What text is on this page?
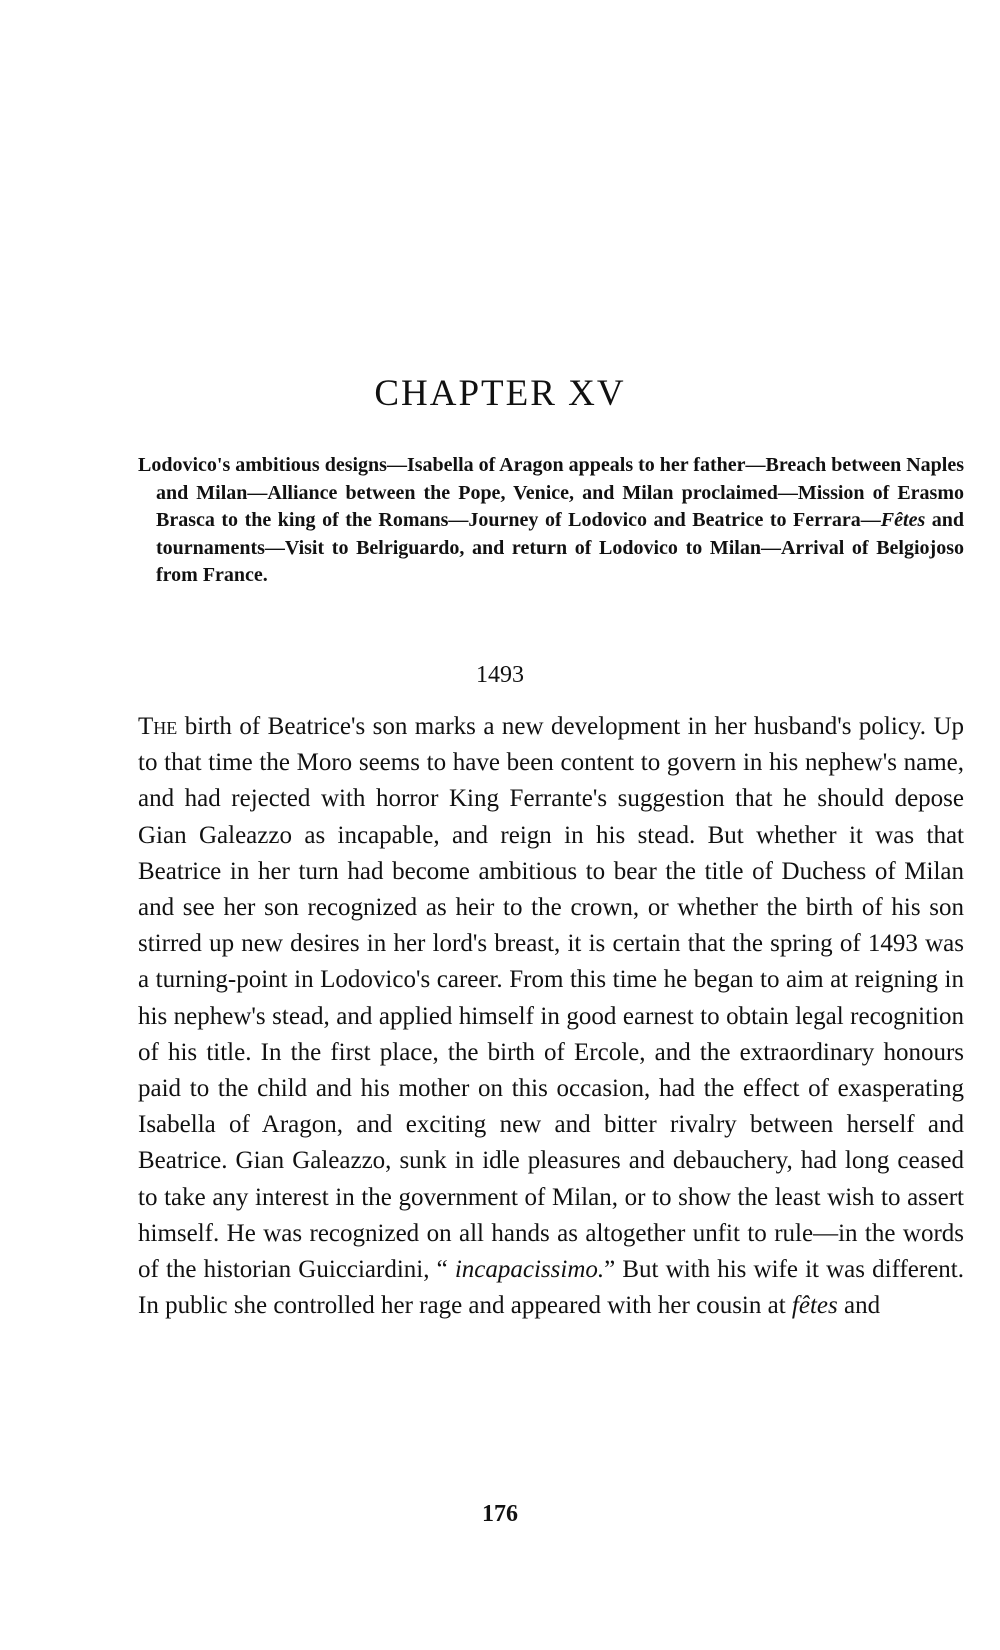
CHAPTER XV

Lodovico's ambitious designs—Isabella of Aragon appeals to her father—Breach between Naples and Milan—Alliance between the Pope, Venice, and Milan proclaimed—Mission of Erasmo Brasca to the king of the Romans—Journey of Lodovico and Beatrice to Ferrara—Fêtes and tournaments—Visit to Belriguardo, and return of Lodovico to Milan—Arrival of Belgiojoso from France.

1493

The birth of Beatrice's son marks a new development in her husband's policy. Up to that time the Moro seems to have been content to govern in his nephew's name, and had rejected with horror King Ferrante's suggestion that he should depose Gian Galeazzo as incapable, and reign in his stead. But whether it was that Beatrice in her turn had become ambitious to bear the title of Duchess of Milan and see her son recognized as heir to the crown, or whether the birth of his son stirred up new desires in her lord's breast, it is certain that the spring of 1493 was a turning-point in Lodovico's career. From this time he began to aim at reigning in his nephew's stead, and applied himself in good earnest to obtain legal recognition of his title. In the first place, the birth of Ercole, and the extraordinary honours paid to the child and his mother on this occasion, had the effect of exasperating Isabella of Aragon, and exciting new and bitter rivalry between herself and Beatrice. Gian Galeazzo, sunk in idle pleasures and debauchery, had long ceased to take any interest in the government of Milan, or to show the least wish to assert himself. He was recognized on all hands as altogether unfit to rule—in the words of the historian Guicciardini, “ incapacissimo.” But with his wife it was different. In public she controlled her rage and appeared with her cousin at fêtes and

176
